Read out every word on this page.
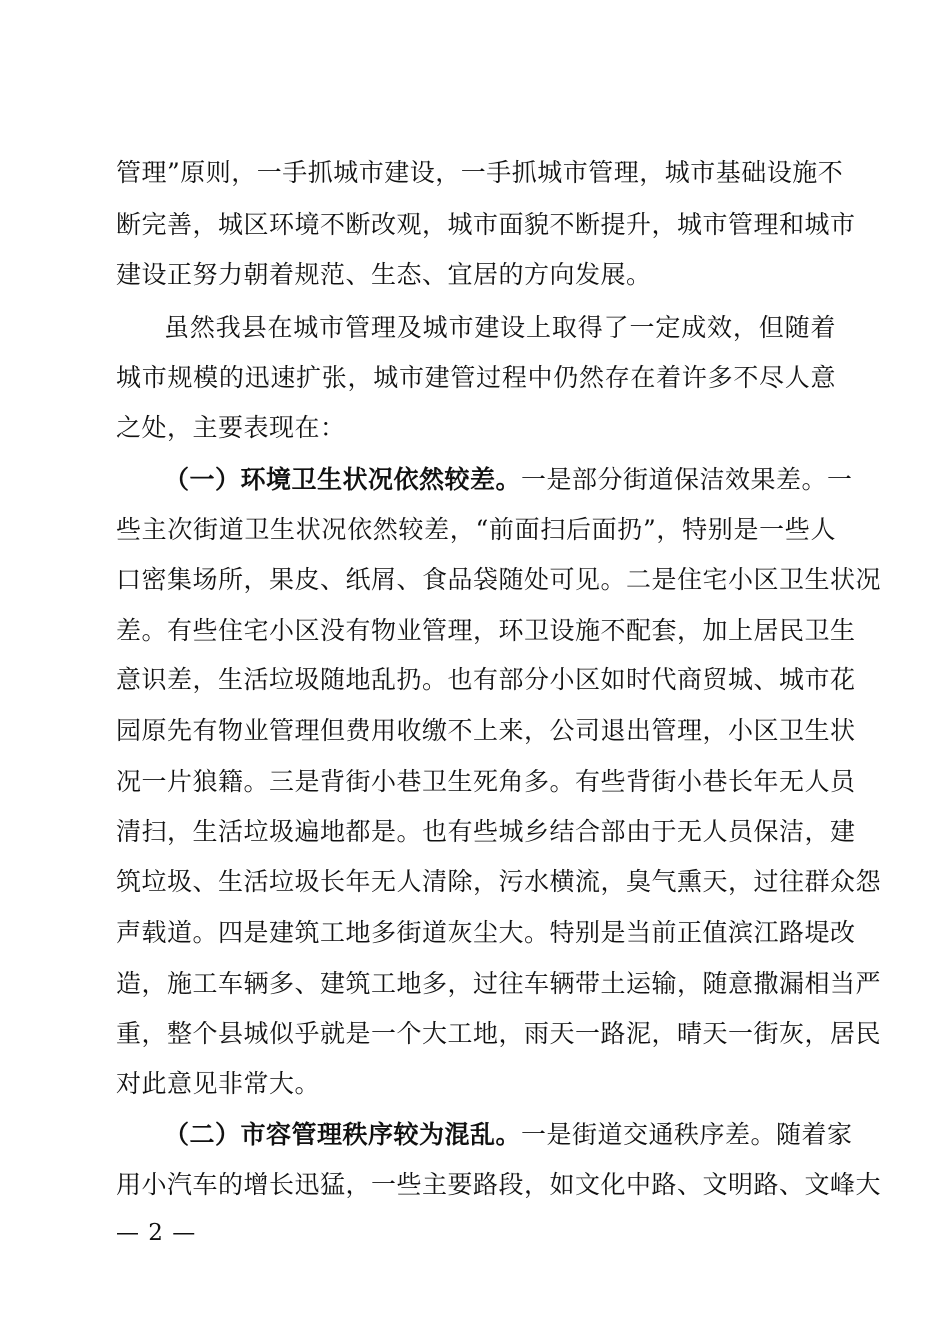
管理”原则，一手抓城市建设，一手抓城市管理，城市基础设施不
断完善，城区环境不断改观，城市面貌不断提升，城市管理和城市
建设正努力朝着规范、生态、宜居的方向发展。
虽然我县在城市管理及城市建设上取得了一定成效，但随着
城市规模的迅速扩张，城市建管过程中仍然存在着许多不尽人意
之处，主要表现在：
（一）环境卫生状况依然较差。一是部分街道保洁效果差。一
些主次街道卫生状况依然较差，“前面扫后面扔”，特别是一些人
口密集场所，果皮、纸屑、食品袋随处可见。二是住宅小区卫生状况
差。有些住宅小区没有物业管理，环卫设施不配套，加上居民卫生
意识差，生活垃圾随地乱扔。也有部分小区如时代商贸城、城市花
园原先有物业管理但费用收缴不上来，公司退出管理，小区卫生状
况一片狼籍。三是背街小巷卫生死角多。有些背街小巷长年无人员
清扫，生活垃圾遍地都是。也有些城乡结合部由于无人员保洁，建
筑垃圾、生活垃圾长年无人清除，污水横流，臭气熏天，过往群众怨
声载道。四是建筑工地多街道灰尘大。特别是当前正值滨江路堤改
造，施工车辆多、建筑工地多，过往车辆带土运输，随意撒漏相当严
重，整个县城似乎就是一个大工地，雨天一路泥，晴天一街灰，居民
对此意见非常大。
（二）市容管理秩序较为混乱。一是街道交通秩序差。随着家
用小汽车的增长迅猛，一些主要路段，如文化中路、文明路、文峰大
— 2 —
